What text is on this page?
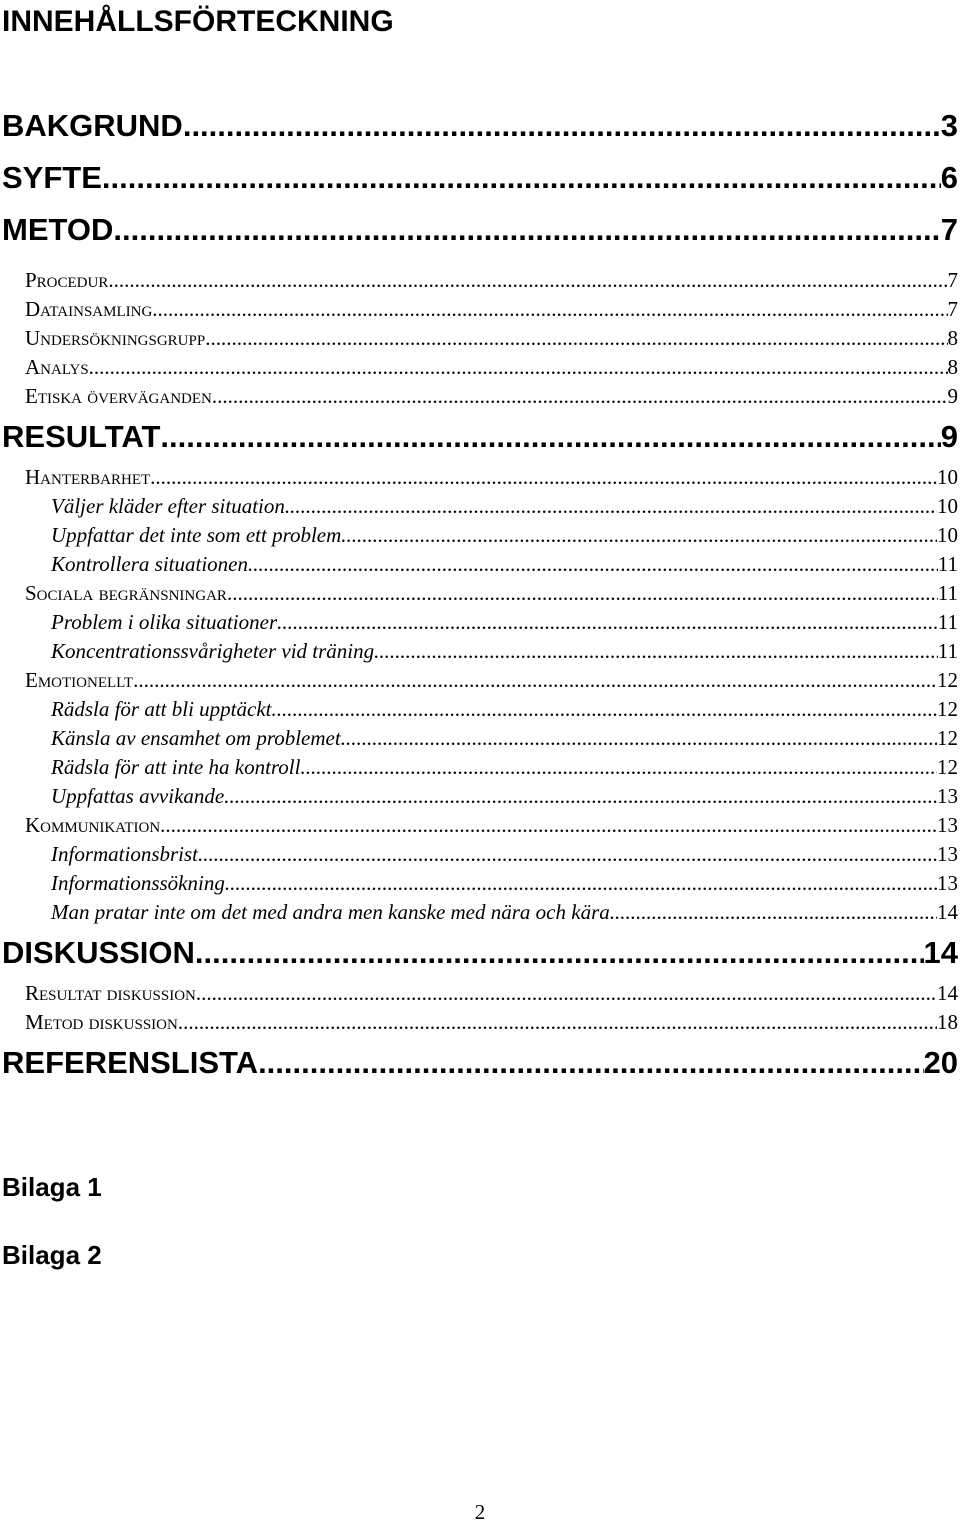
INNEHÅLLSFÖRTECKNING
BAKGRUND .....	3
SYFTE .....	6
METOD .....	7
Procedur .....	7
Datainsamling .....	7
Undersökningsgrupp .....	8
Analys .....	8
Etiska överväganden .....	9
RESULTAT .....	9
Hanterbarhet .....	10
Väljer kläder efter situation .....	10
Uppfattar det inte som ett problem .....	10
Kontrollera situationen .....	11
Sociala begränsningar .....	11
Problem i olika situationer .....	11
Koncentrationssvårigheter vid träning .....	11
Emotionellt .....	12
Rädsla för att bli upptäckt .....	12
Känsla av ensamhet om problemet .....	12
Rädsla för att inte ha kontroll .....	12
Uppfattas avvikande .....	13
Kommunikation .....	13
Informationsbrist .....	13
Informationssökning .....	13
Man pratar inte om det med andra men kanske med nära och kära .....	14
DISKUSSION .....	14
Resultat diskussion .....	14
Metod diskussion .....	18
REFERENSLISTA .....	20
Bilaga 1
Bilaga 2
2
